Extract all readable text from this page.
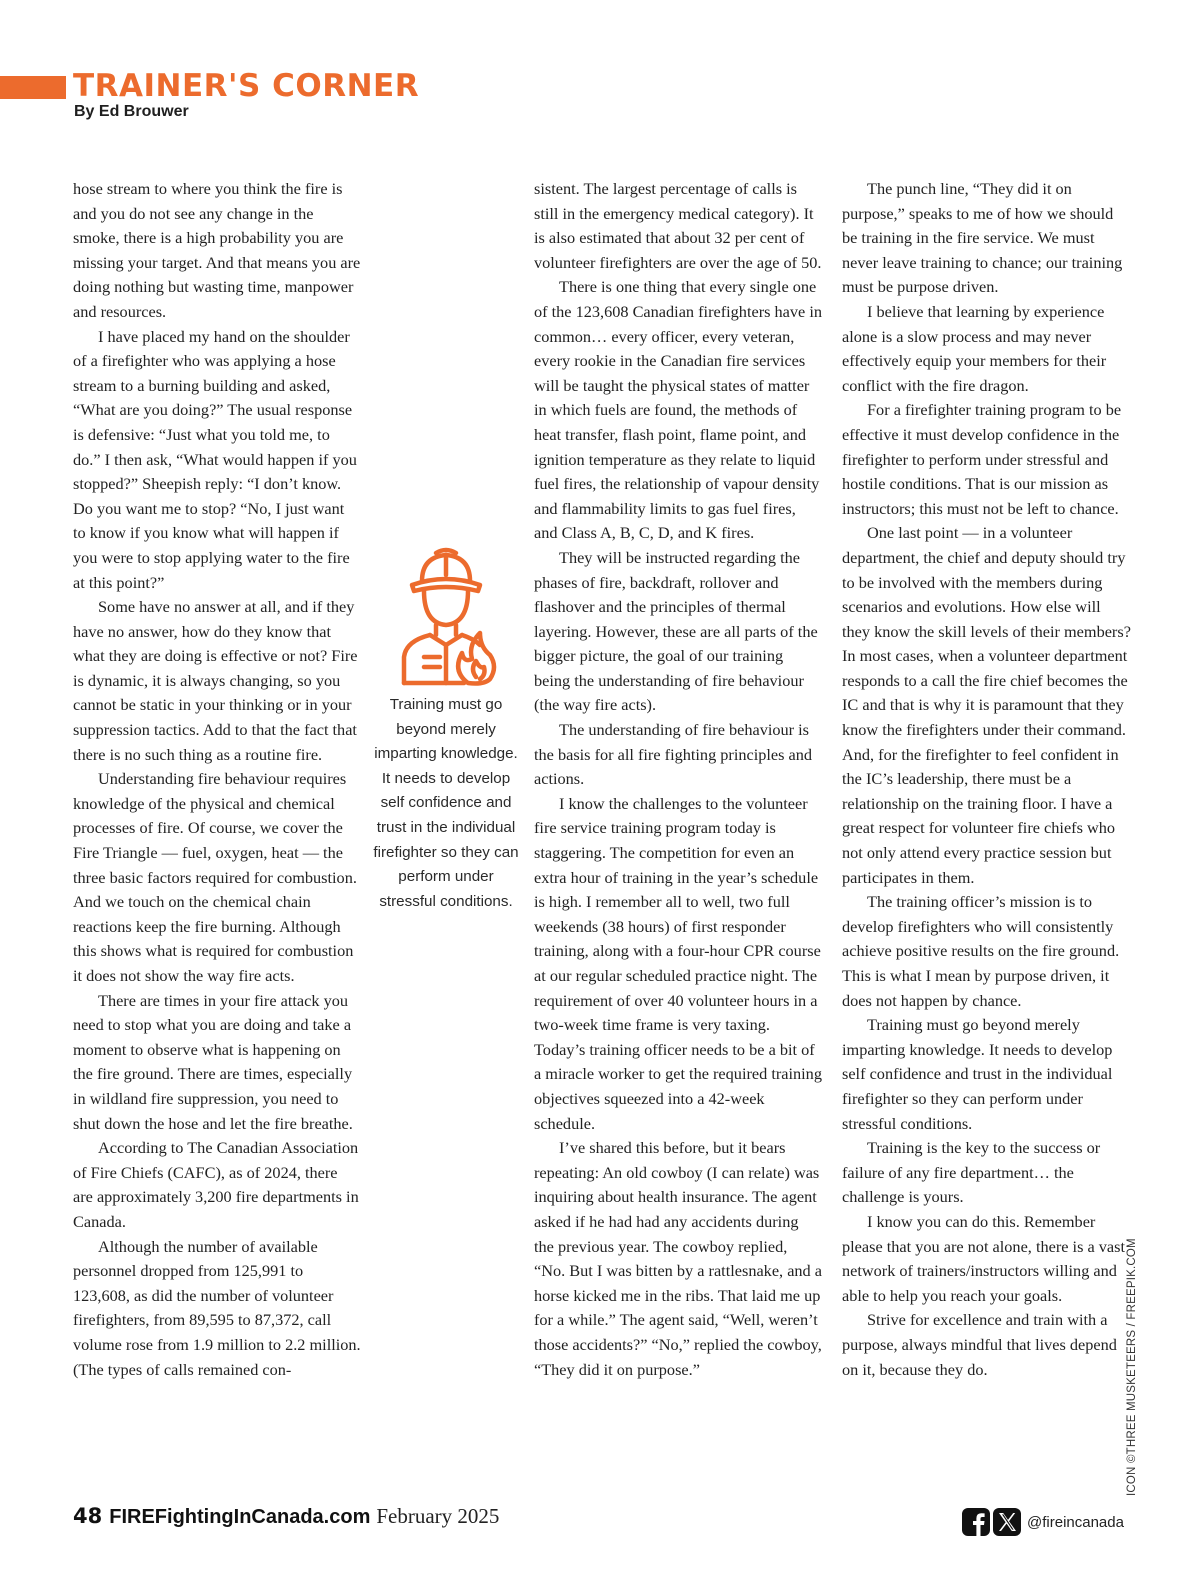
TRAINER'S CORNER
By Ed Brouwer

hose stream to where you think the fire is and you do not see any change in the smoke, there is a high probability you are missing your target. And that means you are doing nothing but wasting time, manpower and resources.

I have placed my hand on the shoulder of a firefighter who was applying a hose stream to a burning building and asked, “What are you doing?” The usual response is defensive: “Just what you told me, to do.” I then ask, “What would happen if you stopped?” Sheepish reply: “I don’t know. Do you want me to stop? “No, I just want to know if you know what will happen if you were to stop applying water to the fire at this point?”

Some have no answer at all, and if they have no answer, how do they know that what they are doing is effective or not? Fire is dynamic, it is always changing, so you cannot be static in your thinking or in your suppression tactics. Add to that the fact that there is no such thing as a routine fire.

Understanding fire behaviour requires knowledge of the physical and chemical processes of fire. Of course, we cover the Fire Triangle — fuel, oxygen, heat — the three basic factors required for combustion. And we touch on the chemical chain reactions keep the fire burning. Although this shows what is required for combustion it does not show the way fire acts.

There are times in your fire attack you need to stop what you are doing and take a moment to observe what is happening on the fire ground. There are times, especially in wildland fire suppression, you need to shut down the hose and let the fire breathe.

According to The Canadian Association of Fire Chiefs (CAFC), as of 2024, there are approximately 3,200 fire departments in Canada.

Although the number of available personnel dropped from 125,991 to 123,608, as did the number of volunteer firefighters, from 89,595 to 87,372, call volume rose from 1.9 million to 2.2 million. (The types of calls remained con-

Training must go beyond merely imparting knowledge. It needs to develop self confidence and trust in the individual firefighter so they can perform under stressful conditions.

sistent. The largest percentage of calls is still in the emergency medical category). It is also estimated that about 32 per cent of volunteer firefighters are over the age of 50.

There is one thing that every single one of the 123,608 Canadian firefighters have in common… every officer, every veteran, every rookie in the Canadian fire services will be taught the physical states of matter in which fuels are found, the methods of heat transfer, flash point, flame point, and ignition temperature as they relate to liquid fuel fires, the relationship of vapour density and flammability limits to gas fuel fires, and Class A, B, C, D, and K fires.

They will be instructed regarding the phases of fire, backdraft, rollover and flashover and the principles of thermal layering. However, these are all parts of the bigger picture, the goal of our training being the understanding of fire behaviour (the way fire acts).

The understanding of fire behaviour is the basis for all fire fighting principles and actions.

I know the challenges to the volunteer fire service training program today is staggering. The competition for even an extra hour of training in the year’s schedule is high. I remember all to well, two full weekends (38 hours) of first responder training, along with a four-hour CPR course at our regular scheduled practice night. The requirement of over 40 volunteer hours in a two-week time frame is very taxing. Today’s training officer needs to be a bit of a miracle worker to get the required training objectives squeezed into a 42-week schedule.

I’ve shared this before, but it bears repeating: An old cowboy (I can relate) was inquiring about health insurance. The agent asked if he had had any accidents during the previous year. The cowboy replied, “No. But I was bitten by a rattlesnake, and a horse kicked me in the ribs. That laid me up for a while.” The agent said, “Well, weren’t those accidents?” “No,” replied the cowboy, “They did it on purpose.”

The punch line, “They did it on purpose,” speaks to me of how we should be training in the fire service. We must never leave training to chance; our training must be purpose driven.

I believe that learning by experience alone is a slow process and may never effectively equip your members for their conflict with the fire dragon.

For a firefighter training program to be effective it must develop confidence in the firefighter to perform under stressful and hostile conditions. That is our mission as instructors; this must not be left to chance.

One last point — in a volunteer department, the chief and deputy should try to be involved with the members during scenarios and evolutions. How else will they know the skill levels of their members? In most cases, when a volunteer department responds to a call the fire chief becomes the IC and that is why it is paramount that they know the firefighters under their command. And, for the firefighter to feel confident in the IC’s leadership, there must be a relationship on the training floor. I have a great respect for volunteer fire chiefs who not only attend every practice session but participates in them.

The training officer’s mission is to develop firefighters who will consistently achieve positive results on the fire ground. This is what I mean by purpose driven, it does not happen by chance.

Training must go beyond merely imparting knowledge. It needs to develop self confidence and trust in the individual firefighter so they can perform under stressful conditions.

Training is the key to the success or failure of any fire department… the challenge is yours.

I know you can do this. Remember please that you are not alone, there is a vast network of trainers/instructors willing and able to help you reach your goals.

Strive for excellence and train with a purpose, always mindful that lives depend on it, because they do.	ICON ©THREE MUSKETEERS / FREEPIK.COM
48 FIREFightingInCanada.com February 2025	@fireincanada
